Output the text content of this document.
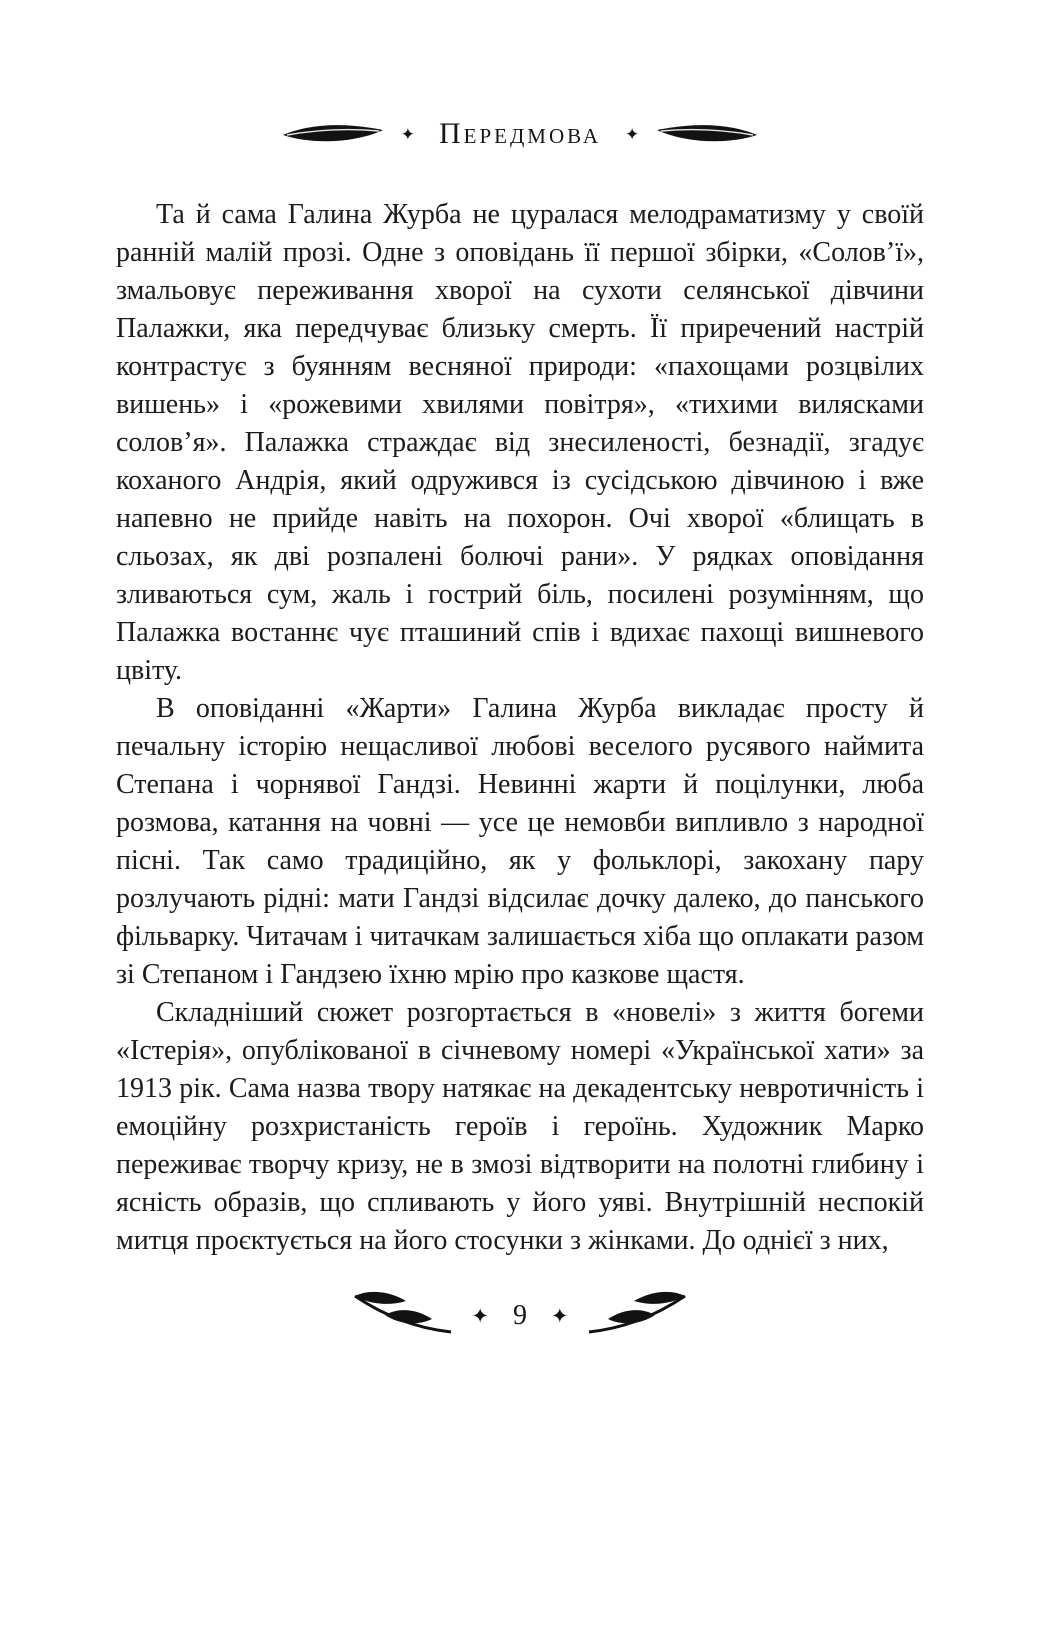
✦ Передмова	✦

Та й сама Галина Журба не цуралася мелодраматизму у своїй ранній малій прозі. Одне з оповідань її першої збірки, «Солов’ї», змальовує переживання хворої на сухоти селянської дівчини Палажки, яка передчуває близьку смерть. Її приречений настрій контрастує з буянням весняної природи: «пахощами розцвілих вишень» і «рожевими хвилями повітря», «тихими вилясками солов’я». Палажка страждає від знесиленості, безнадії, згадує коханого Андрія, який одружився із сусідською дівчиною і вже напевно не прийде навіть на похорон. Очі хворої «блищать в сльозах, як дві розпалені болючі рани». У рядках оповідання зливаються сум, жаль і гострий біль, посилені розумінням, що Палажка востаннє чує пташиний спів і вдихає пахощі вишневого цвіту.

В оповіданні «Жарти» Галина Журба викладає просту й печальну історію нещасливої любові веселого русявого наймита Степана і чорнявої Гандзі. Невинні жарти й поцілунки, люба розмова, катання на човні — усе це немовби випливло з народної пісні. Так само традиційно, як у фольклорі, закохану пару розлучають рідні: мати Гандзі відсилає дочку далеко, до панського фільварку. Читачам і читачкам залишається хіба що оплакати разом зі Степаном і Гандзею їхню мрію про казкове щастя.

Складніший сюжет розгортається в «новелі» з життя богеми «Істерія», опублікованої в січневому номері «Української хати» за 1913 рік. Сама назва твору натякає на декадентську невротичність і емоційну розхристаність героїв і героїнь. Художник Марко переживає творчу кризу, не в змозі відтворити на полотні глибину і ясність образів, що спливають у його уяві. Внутрішній неспокій митця проєктується на його стосунки з жінками. До однієї з них,

✦ 9	✦
